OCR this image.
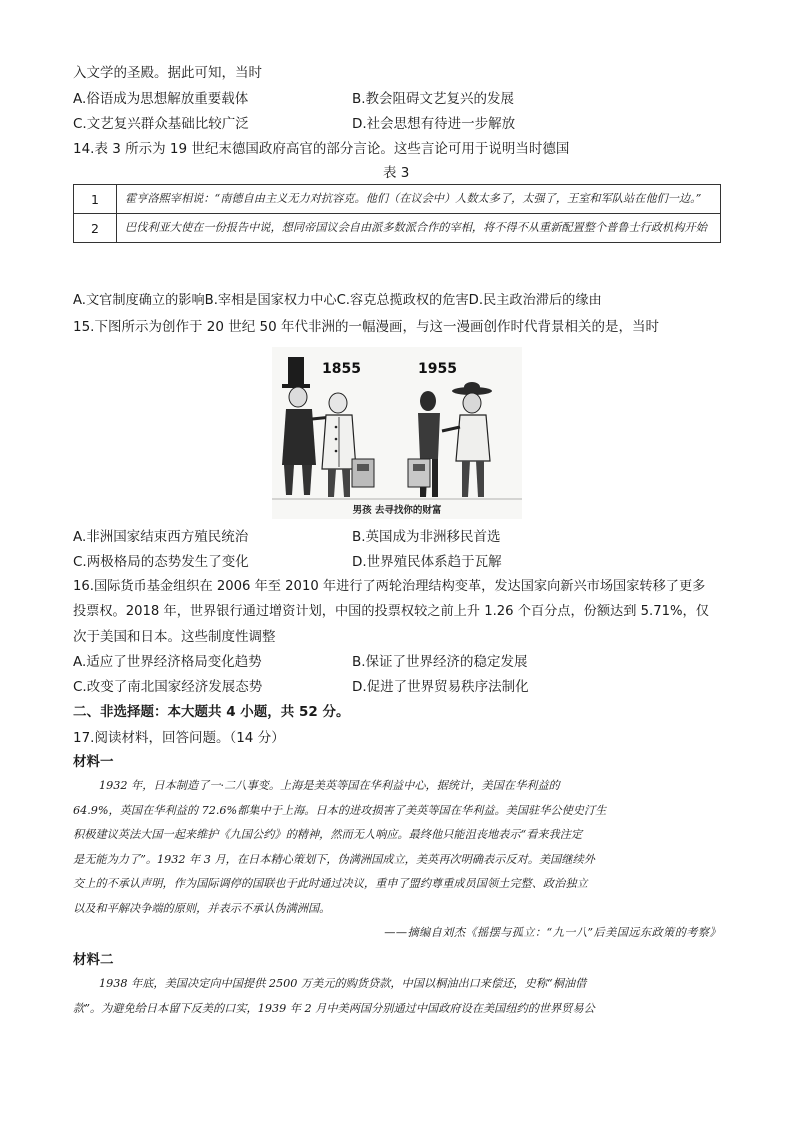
入文学的圣殿。据此可知，当时
A.俗语成为思想解放重要载体	B.教会阻碍文艺复兴的发展
C.文艺复兴群众基础比较广泛	D.社会思想有待进一步解放
14.表 3 所示为 19 世纪末德国政府高官的部分言论。这些言论可用于说明当时德国
表 3
1	霍亨洛熙宰相说：“南德自由主义无力对抗容克。他们（在议会中）人数太多了，太强了，王室和军队站在他们一边。”
2	巴伐利亚大使在一份报告中说，想同帝国议会自由派多数派合作的宰相，将不得不从重新配置整个普鲁士行政机构开始
A.文官制度确立的影响B.宰相是国家权力中心C.容克总揽政权的危害D.民主政治滞后的缘由
15.下图所示为创作于 20 世纪 50 年代非洲的一幅漫画，与这一漫画创作时代背景相关的是，当时
1855	1955
男孩 去寻找你的财富
A.非洲国家结束西方殖民统治	B.英国成为非洲移民首选
C.两极格局的态势发生了变化	D.世界殖民体系趋于瓦解
16.国际货币基金组织在 2006 年至 2010 年进行了两轮治理结构变革，发达国家向新兴市场国家转移了更多
投票权。2018 年，世界银行通过增资计划，中国的投票权较之前上升 1.26 个百分点，份额达到 5.71%，仅
次于美国和日本。这些制度性调整
A.适应了世界经济格局变化趋势	B.保证了世界经济的稳定发展
C.改变了南北国家经济发展态势	D.促进了世界贸易秩序法制化
二、非选择题：本大题共 4 小题，共 52 分。
17.阅读材料，回答问题。（14 分）
材料一

1932 年，日本制造了一·二八事变。上海是美英等国在华利益中心，据统计，美国在华利益的

64.9%，英国在华利益的 72.6%都集中于上海。日本的进攻损害了美英等国在华利益。美国驻华公使史汀生

积极建议英法大国一起来维护《九国公约》的精神，然而无人响应。最终他只能沮丧地表示“看来我注定

是无能为力了”。1932 年 3 月，在日本精心策划下，伪满洲国成立，美英再次明确表示反对。美国继续外

交上的不承认声明，作为国际调停的国联也于此时通过决议，重申了盟约尊重成员国领土完整、政治独立

以及和平解决争端的原则，并表示不承认伪满洲国。

——摘编自刘杰《摇摆与孤立：“九一八”后美国远东政策的考察》
材料二

1938 年底，美国决定向中国提供 2500 万美元的购货贷款，中国以桐油出口来偿还，史称“桐油借

款”。为避免给日本留下反美的口实，1939 年 2 月中美两国分别通过中国政府设在美国纽约的世界贸易公
